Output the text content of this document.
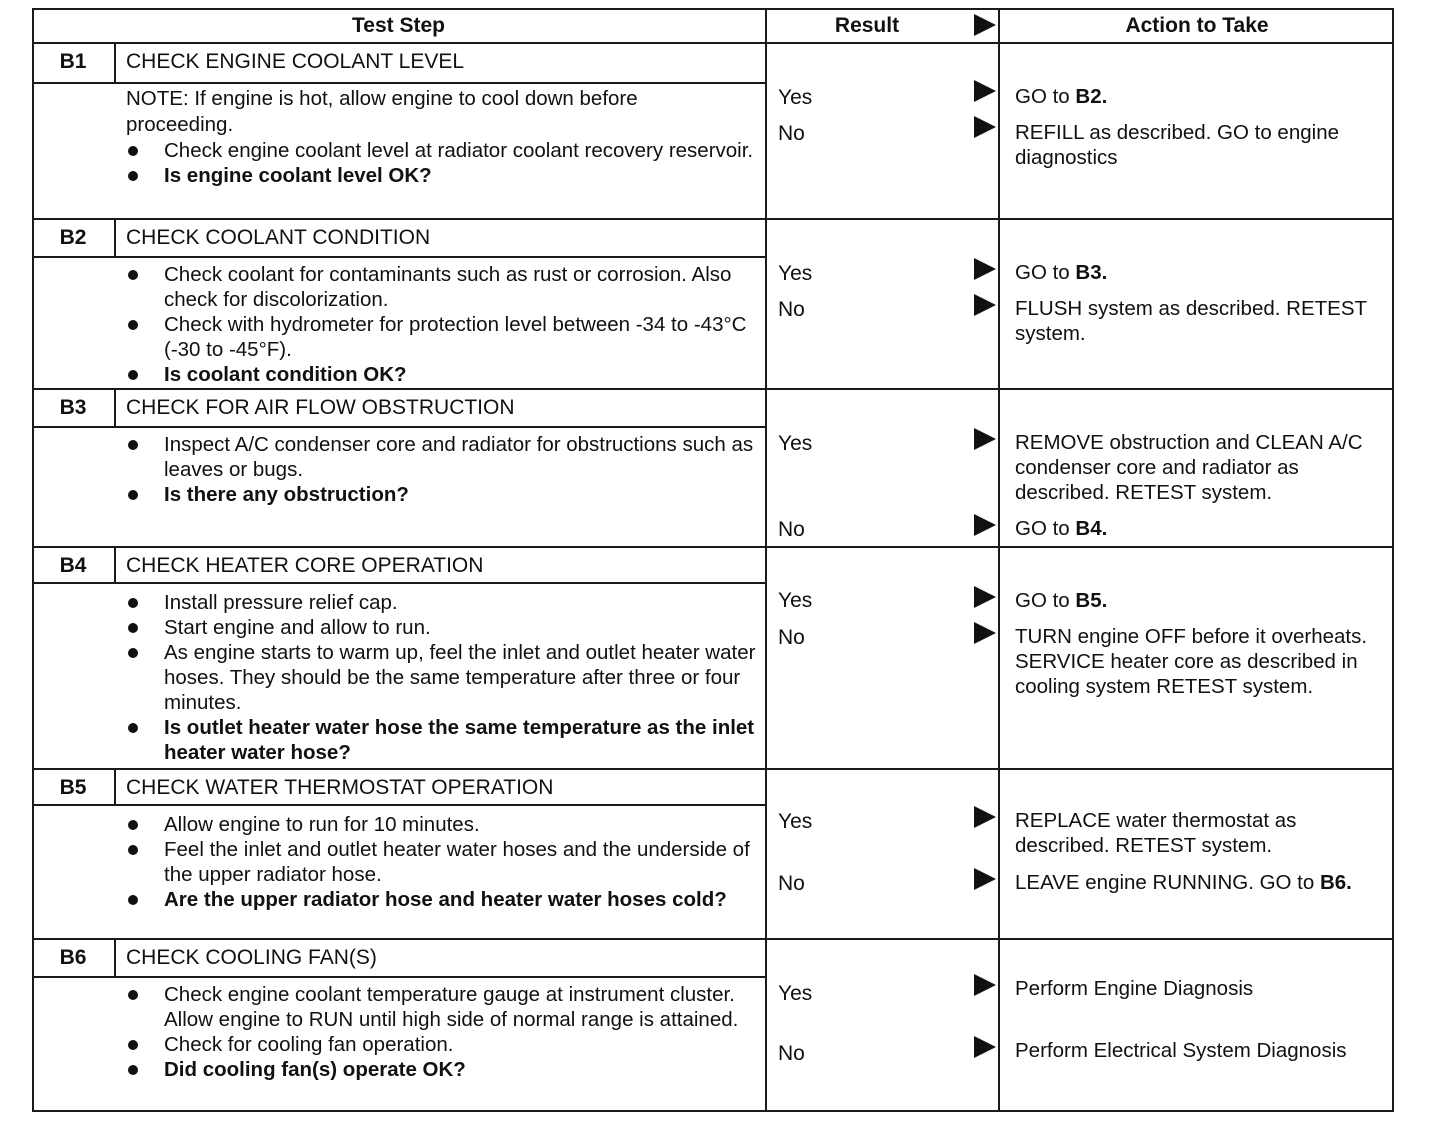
Test Step	Result	Action to Take
B1	CHECK ENGINE COOLANT LEVEL
NOTE: If engine is hot, allow engine to cool down before proceeding.
Check engine coolant level at radiator coolant recovery reservoir.
Is engine coolant level OK?
Yes	GO to B2.
No	REFILL as described. GO to engine diagnostics
B2	CHECK COOLANT CONDITION
Check coolant for contaminants such as rust or corrosion. Also check for discolorization.
Check with hydrometer for protection level between -34 to -43°C (-30 to -45°F).
Is coolant condition OK?
Yes	GO to B3.
No	FLUSH system as described. RETEST system.
B3	CHECK FOR AIR FLOW OBSTRUCTION
Inspect A/C condenser core and radiator for obstructions such as leaves or bugs.
Is there any obstruction?
Yes	REMOVE obstruction and CLEAN A/C condenser core and radiator as described. RETEST system.
No	GO to B4.
B4	CHECK HEATER CORE OPERATION
Install pressure relief cap.
Start engine and allow to run.
As engine starts to warm up, feel the inlet and outlet heater water hoses. They should be the same temperature after three or four minutes.
Is outlet heater water hose the same temperature as the inlet heater water hose?
Yes	GO to B5.
No	TURN engine OFF before it overheats. SERVICE heater core as described in cooling system RETEST system.
B5	CHECK WATER THERMOSTAT OPERATION
Allow engine to run for 10 minutes.
Feel the inlet and outlet heater water hoses and the underside of the upper radiator hose.
Are the upper radiator hose and heater water hoses cold?
Yes	REPLACE water thermostat as described. RETEST system.
No	LEAVE engine RUNNING. GO to B6.
B6	CHECK COOLING FAN(S)
Check engine coolant temperature gauge at instrument cluster. Allow engine to RUN until high side of normal range is attained.
Check for cooling fan operation.
Did cooling fan(s) operate OK?
Yes	Perform Engine Diagnosis
No	Perform Electrical System Diagnosis
